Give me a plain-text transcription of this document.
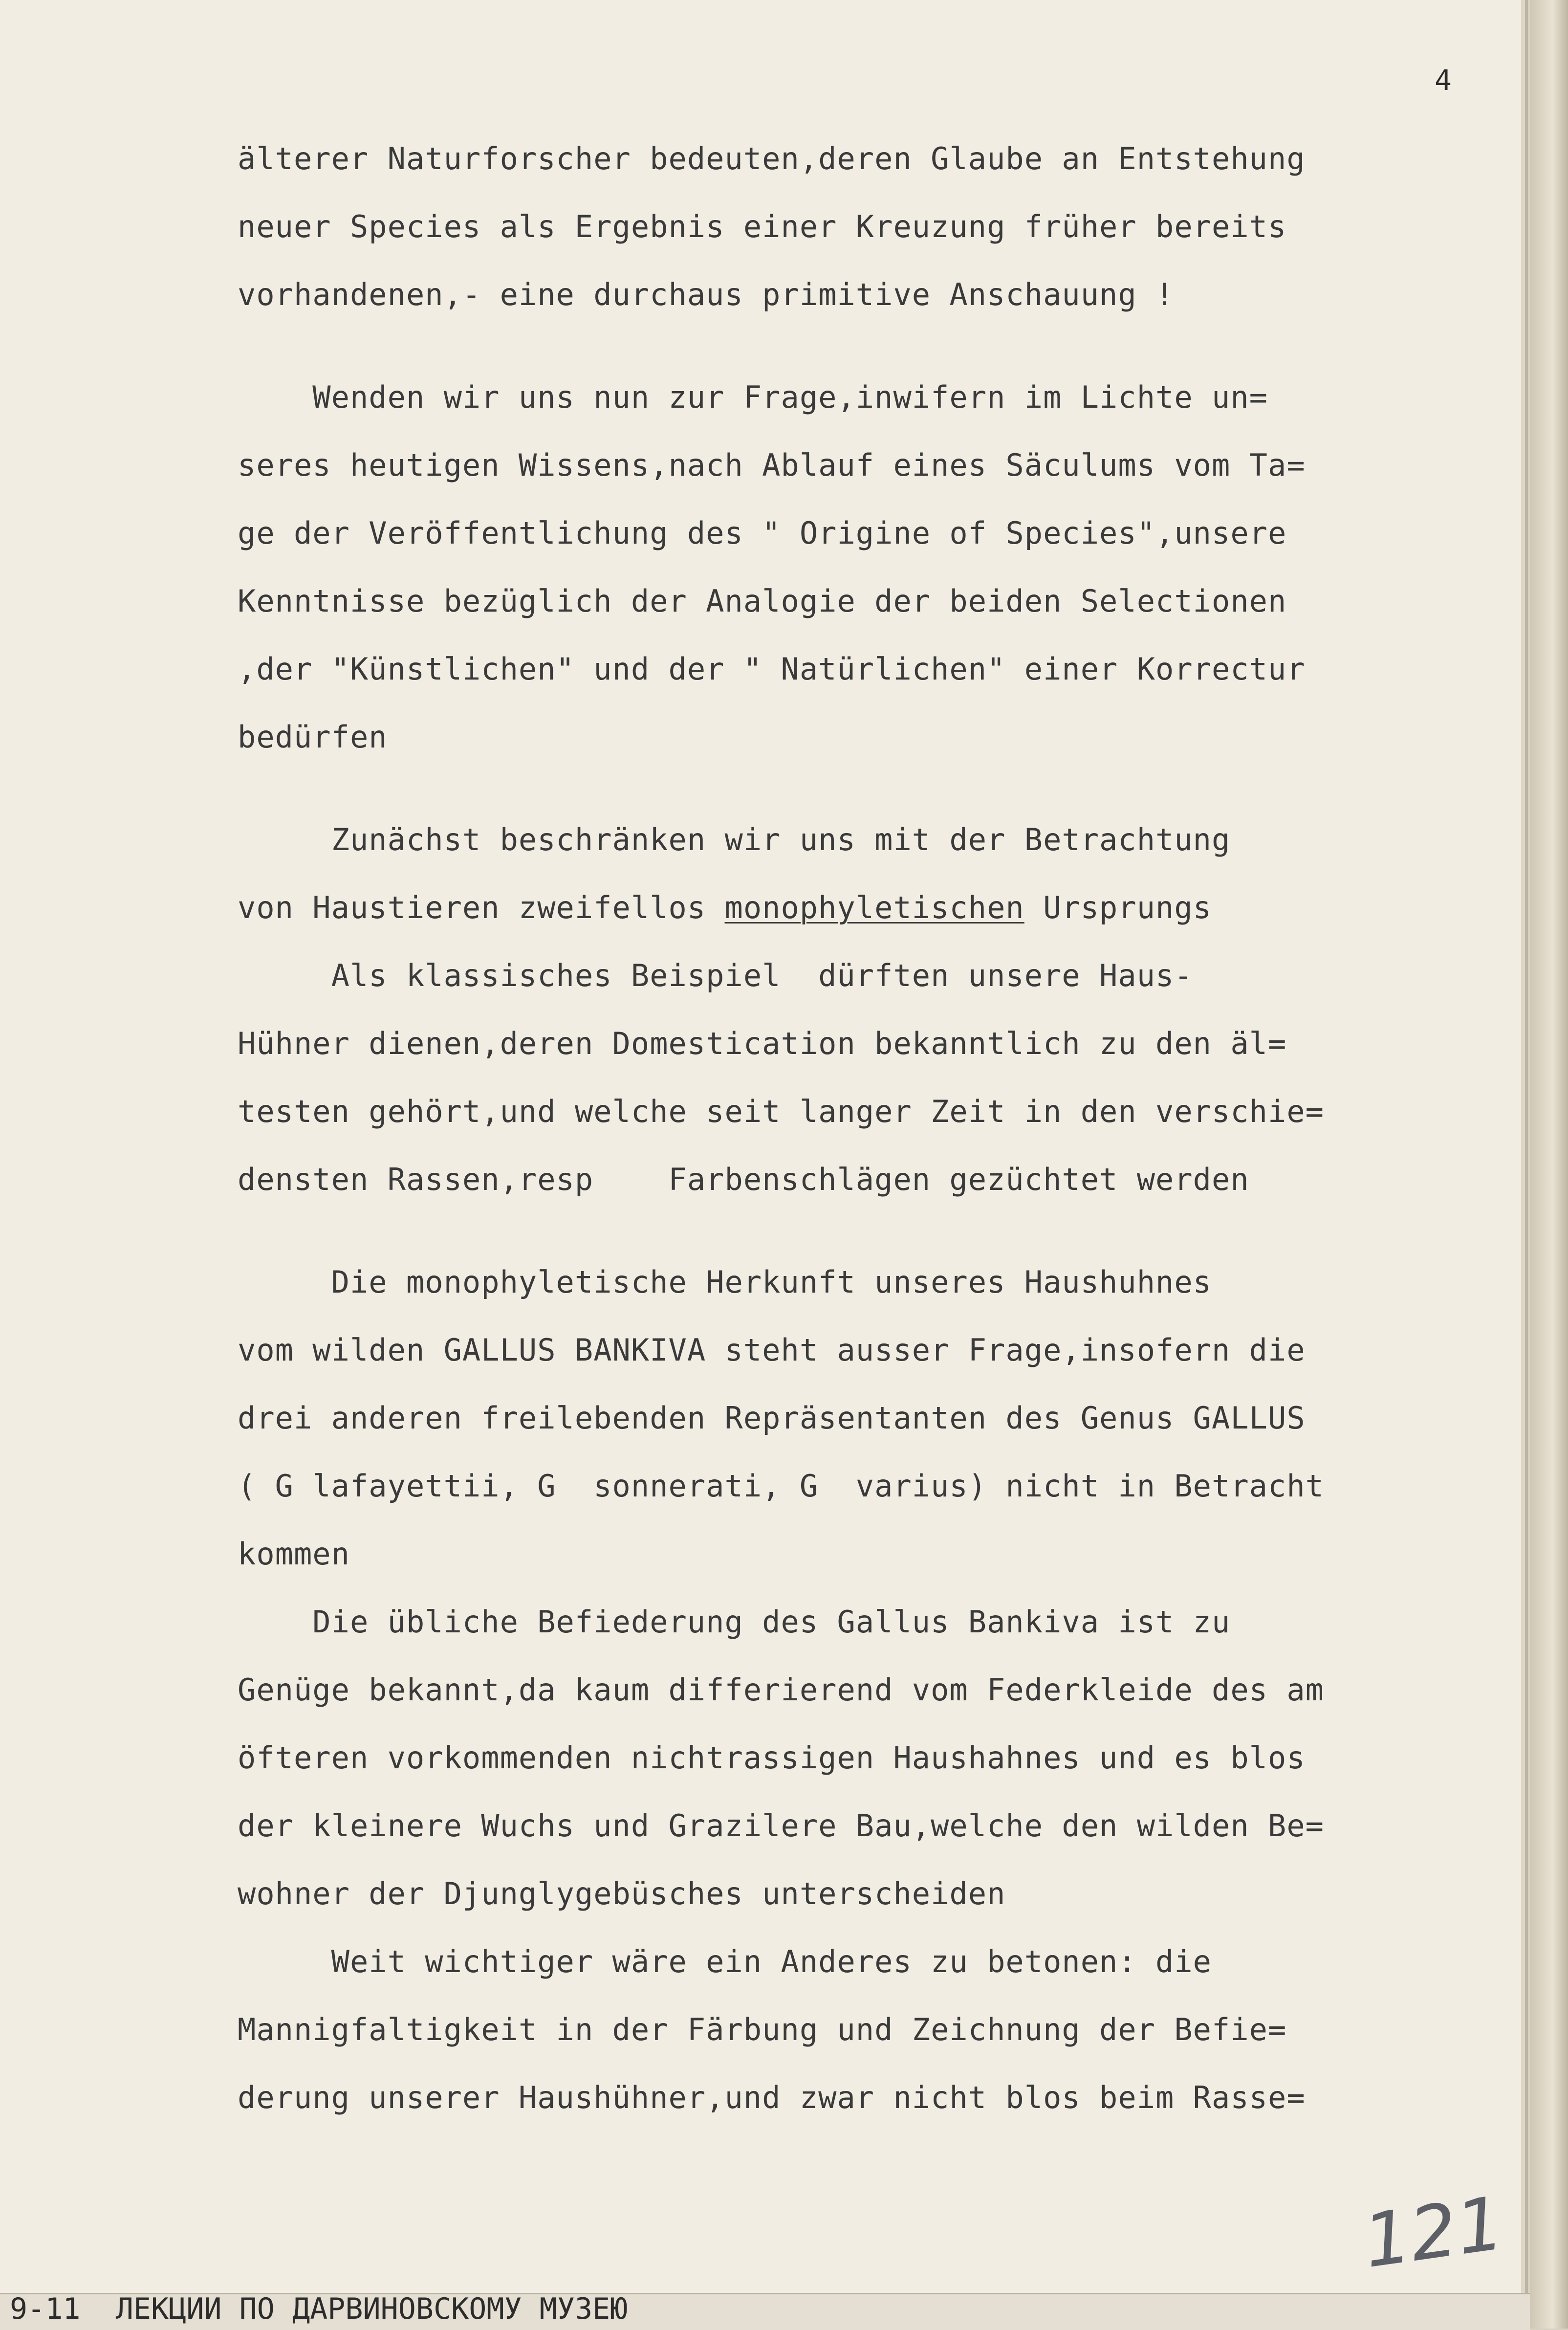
4
älterer Naturforscher bedeuten,deren Glaube an Entstehung
neuer Species als Ergebnis einer Kreuzung früher bereits
vorhandenen,- eine durchaus primitive Anschauung !
Wenden wir uns nun zur Frage,inwifern im Lichte un=
seres heutigen Wissens,nach Ablauf eines Säculums vom Ta=
ge der Veröffentlichung des " Origine of Species",unsere
Kenntnisse bezüglich der Analogie der beiden Selectionen
,der "Künstlichen" und der " Natürlichen" einer Korrectur
bedürfen
Zunächst beschränken wir uns mit der Betrachtung
von Haustieren zweifellos monophyletischen Ursprungs
Als klassisches Beispiel  dürften unsere Haus-
Hühner dienen,deren Domestication bekanntlich zu den äl=
testen gehört,und welche seit langer Zeit in den verschie=
densten Rassen,resp    Farbenschlägen gezüchtet werden
Die monophyletische Herkunft unseres Haushuhnes
vom wilden GALLUS BANKIVA steht ausser Frage,insofern die
drei anderen freilebenden Repräsentanten des Genus GALLUS
( G lafayettii, G  sonnerati, G  varius) nicht in Betracht
kommen
Die übliche Befiederung des Gallus Bankiva ist zu
Genüge bekannt,da kaum differierend vom Federkleide des am
öfteren vorkommenden nichtrassigen Haushahnes und es blos
der kleinere Wuchs und Grazilere Bau,welche den wilden Be=
wohner der Djunglygebüsches unterscheiden
Weit wichtiger wäre ein Anderes zu betonen: die
Mannigfaltigkeit in der Färbung und Zeichnung der Befie=
derung unserer Haushühner,und zwar nicht blos beim Rasse=
121
9-11  ЛЕКЦИИ ПО ДАРВИНОВСКОМУ МУЗЕЮ
